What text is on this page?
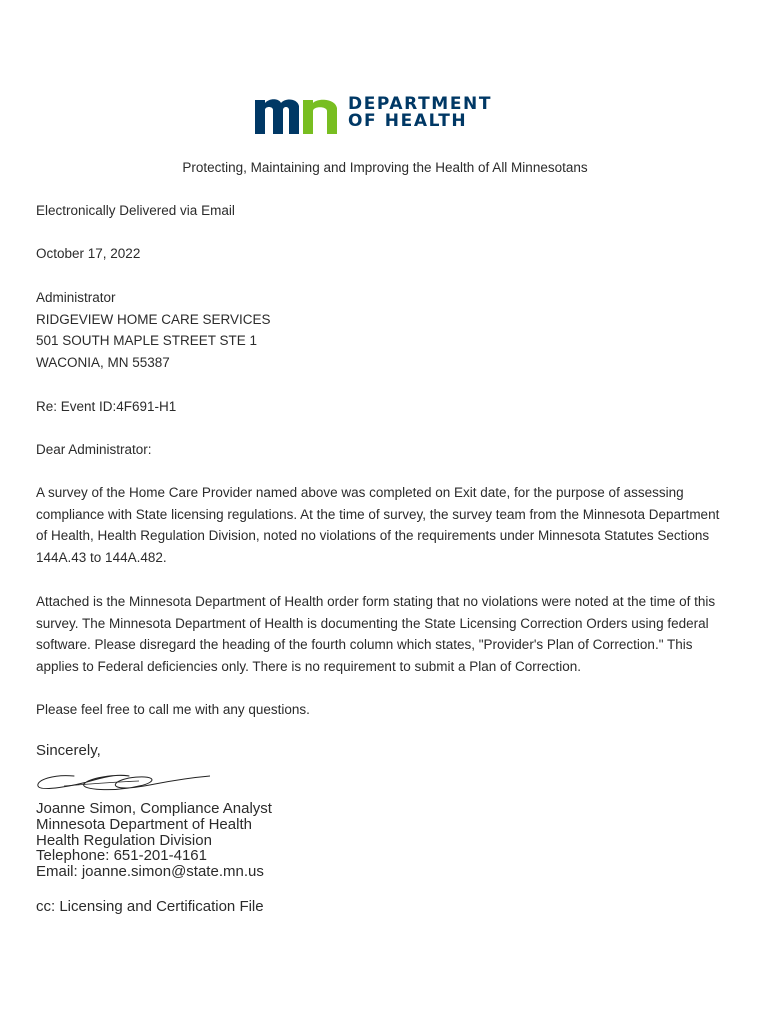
DEPARTMENT
OF HEALTH
Protecting, Maintaining and Improving the Health of All Minnesotans
Electronically Delivered via Email
October 17, 2022
Administrator
RIDGEVIEW HOME CARE SERVICES
501 SOUTH MAPLE STREET STE 1
WACONIA, MN 55387
Re: Event ID:4F691-H1
Dear Administrator:
A survey of the Home Care Provider named above was completed on Exit date, for the purpose of assessing compliance with State licensing regulations. At the time of survey, the survey team from the Minnesota Department of Health, Health Regulation Division, noted no violations of the requirements under Minnesota Statutes Sections 144A.43 to 144A.482.
Attached is the Minnesota Department of Health order form stating that no violations were noted at the time of this survey. The Minnesota Department of Health is documenting the State Licensing Correction Orders using federal software. Please disregard the heading of the fourth column which states, "Provider's Plan of Correction." This applies to Federal deficiencies only. There is no requirement to submit a Plan of Correction.
Please feel free to call me with any questions.
Sincerely,
Joanne Simon, Compliance Analyst
Minnesota Department of Health
Health Regulation Division
Telephone: 651-201-4161
Email: joanne.simon@state.mn.us
cc: Licensing and Certification File
